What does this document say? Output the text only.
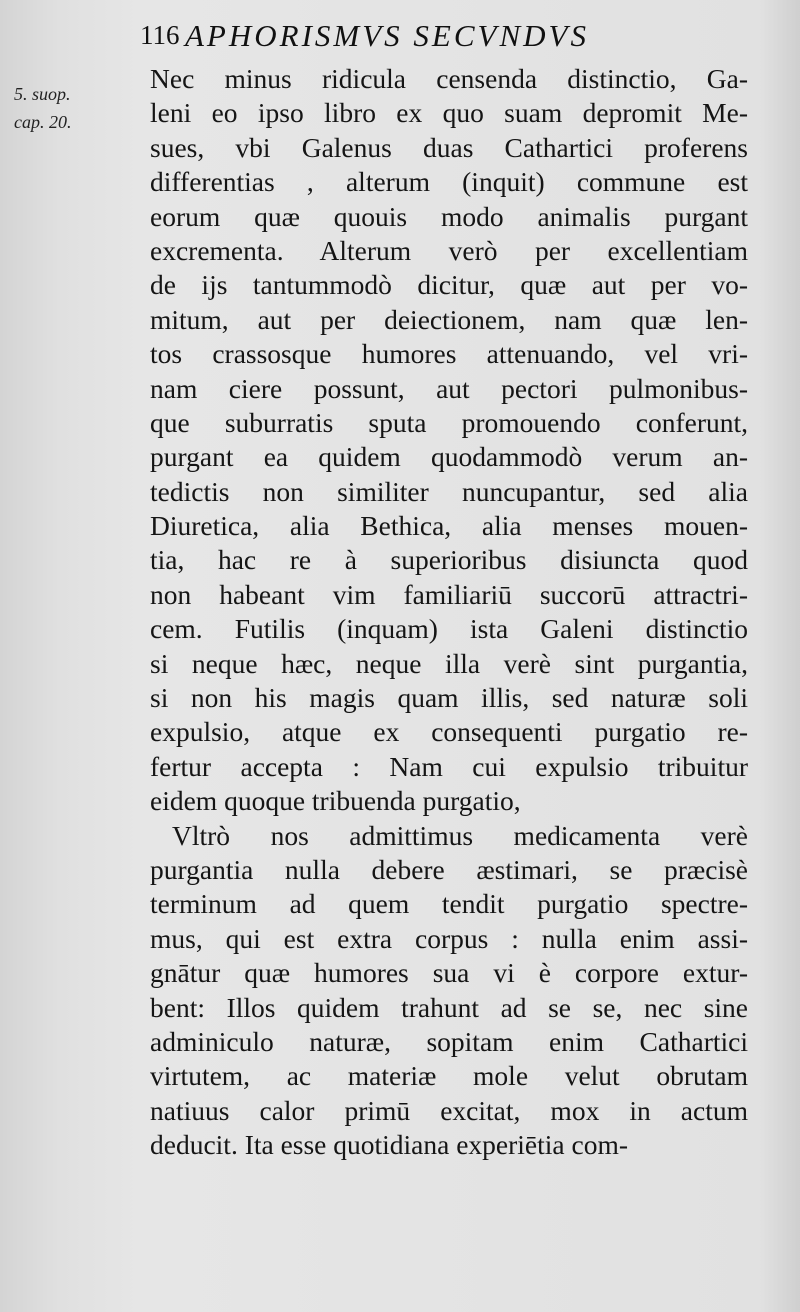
116 APHORISMVS SECVNDVS
5. suop.
cap. 20.
Nec minus ridicula censenda distinctio, Ga-
leni eo ipso libro ex quo suam depromit Me-
sues, vbi Galenus duas Cathartici proferens
differentias , alterum (inquit) commune est
eorum quæ quouis modo animalis purgant
excrementa. Alterum verò per excellentiam
de ijs tantummodò dicitur, quæ aut per vo-
mitum, aut per deiectionem, nam quæ len-
tos crassosque humores attenuando, vel vri-
nam ciere possunt, aut pectori pulmonibus-
que suburratis sputa promouendo conferunt,
purgant ea quidem quodammodò verum an-
tedictis non similiter nuncupantur, sed alia
Diuretica, alia Bethica, alia menses mouen-
tia, hac re à superioribus disiuncta quod
non habeant vim familiariū succorū attractri-
cem. Futilis (inquam) ista Galeni distinctio
si neque hæc, neque illa verè sint purgantia,
si non his magis quam illis, sed naturæ soli
expulsio, atque ex consequenti purgatio re-
fertur accepta : Nam cui expulsio tribuitur
eidem quoque tribuenda purgatio,
Vltrò nos admittimus medicamenta verè
purgantia nulla debere æstimari, se præcisè
terminum ad quem tendit purgatio spectre-
mus, qui est extra corpus : nulla enim assi-
gnātur quæ humores sua vi è corpore extur-
bent: Illos quidem trahunt ad se se, nec sine
adminiculo naturæ, sopitam enim Cathartici
virtutem, ac materiæ mole velut obrutam
natiuus calor primū excitat, mox in actum
deducit. Ita esse quotidiana experiētia com-
